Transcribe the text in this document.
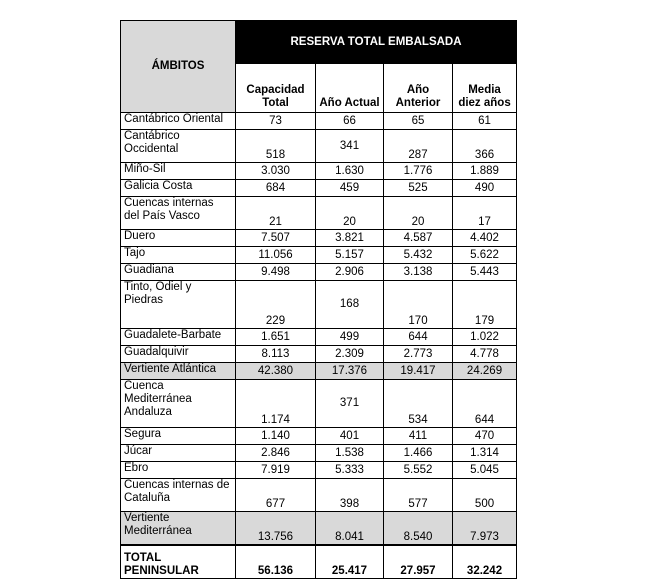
ÁMBITOS	RESERVA TOTAL EMBALSADA			
	Capacidad Total	Año Actual	Año Anterior	Media diez años
Cantábrico Oriental	73	66	65	61
Cantábrico Occidental	518	341	287	366
Miño-Sil	3.030	1.630	1.776	1.889
Galicia Costa	684	459	525	490
Cuencas internas del País Vasco	21	20	20	17
Duero	7.507	3.821	4.587	4.402
Tajo	11.056	5.157	5.432	5.622
Guadiana	9.498	2.906	3.138	5.443
Tinto, Odiel y Piedras	229	168	170	179
Guadalete-Barbate	1.651	499	644	1.022
Guadalquivir	8.113	2.309	2.773	4.778
Vertiente Atlántica	42.380	17.376	19.417	24.269
Cuenca Mediterránea Andaluza	1.174	371	534	644
Segura	1.140	401	411	470
Júcar	2.846	1.538	1.466	1.314
Ebro	7.919	5.333	5.552	5.045
Cuencas internas de Cataluña	677	398	577	500
Vertiente Mediterránea	13.756	8.041	8.540	7.973
TOTAL PENINSULAR	56.136	25.417	27.957	32.242
